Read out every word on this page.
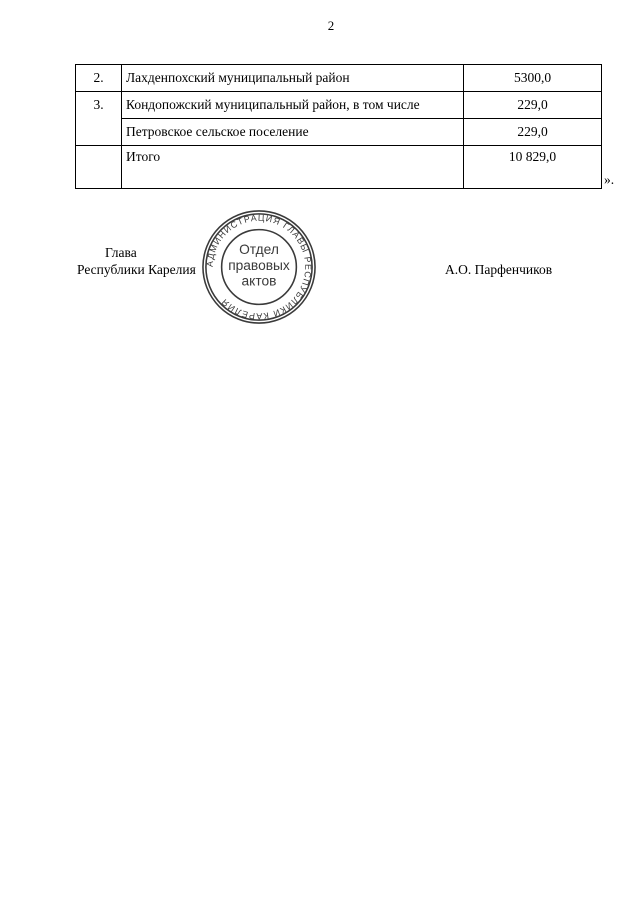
2
2.	Лахденпохский муниципальный район	5300,0
3.	Кондопожский муниципальный район, в том числе	229,0
	Петровское сельское поселение	229,0
	Итого	10 829,0
».
Глава
Республики Карелия	А.О. Парфенчиков
АДМИНИСТРАЦИЯ ГЛАВЫ РЕСПУБЛИКИ КАРЕЛИЯ
Отдел
правовых
актов
